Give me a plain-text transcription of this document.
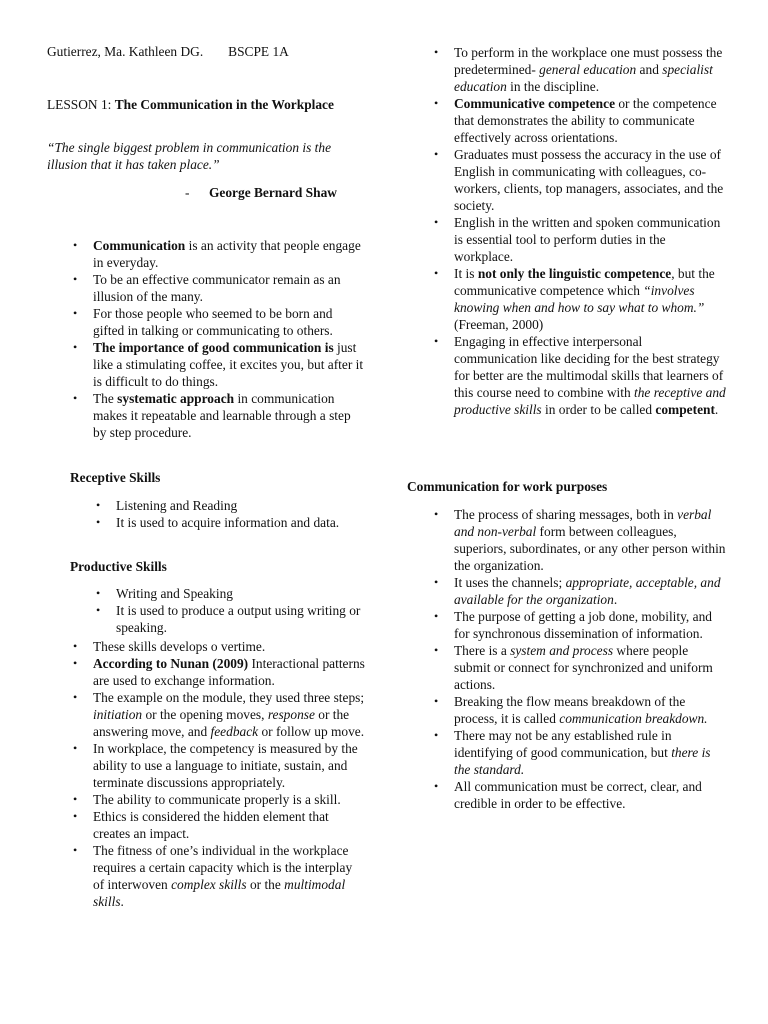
Gutierrez, Ma. Kathleen DG. BSCPE 1A

LESSON 1: The Communication in the Workplace

“The single biggest problem in communication is the illusion that it has taken place.”

- George Bernard Shaw

• Communication is an activity that people engage in everyday.
• To be an effective communicator remain as an illusion of the many.
• For those people who seemed to be born and gifted in talking or communicating to others.
• The importance of good communication is just like a stimulating coffee, it excites you, but after it is difficult to do things.
• The systematic approach in communication makes it repeatable and learnable through a step by step procedure.

Receptive Skills

• Listening and Reading
• It is used to acquire information and data.

Productive Skills

• Writing and Speaking
• It is used to produce a output using writing or speaking.
• These skills develops o vertime.
• According to Nunan (2009) Interactional patterns are used to exchange information.
• The example on the module, they used three steps; initiation or the opening moves, response or the answering move, and feedback or follow up move.
• In workplace, the competency is measured by the ability to use a language to initiate, sustain, and terminate discussions appropriately.
• The ability to communicate properly is a skill.
• Ethics is considered the hidden element that creates an impact.
• The fitness of one’s individual in the workplace requires a certain capacity which is the interplay of interwoven complex skills or the multimodal skills.
• To perform in the workplace one must possess the predetermined- general education and specialist education in the discipline.
• Communicative competence or the competence that demonstrates the ability to communicate effectively across orientations.
• Graduates must possess the accuracy in the use of English in communicating with colleagues, co-workers, clients, top managers, associates, and the society.
• English in the written and spoken communication is essential tool to perform duties in the workplace.
• It is not only the linguistic competence, but the communicative competence which “involves knowing when and how to say what to whom.” (Freeman, 2000)
• Engaging in effective interpersonal communication like deciding for the best strategy for better are the multimodal skills that learners of this course need to combine with the receptive and productive skills in order to be called competent.

Communication for work purposes

• The process of sharing messages, both in verbal and non-verbal form between colleagues, superiors, subordinates, or any other person within the organization.
• It uses the channels; appropriate, acceptable, and available for the organization.
• The purpose of getting a job done, mobility, and for synchronous dissemination of information.
• There is a system and process where people submit or connect for synchronized and uniform actions.
• Breaking the flow means breakdown of the process, it is called communication breakdown.
• There may not be any established rule in identifying of good communication, but there is the standard.
• All communication must be correct, clear, and credible in order to be effective.
